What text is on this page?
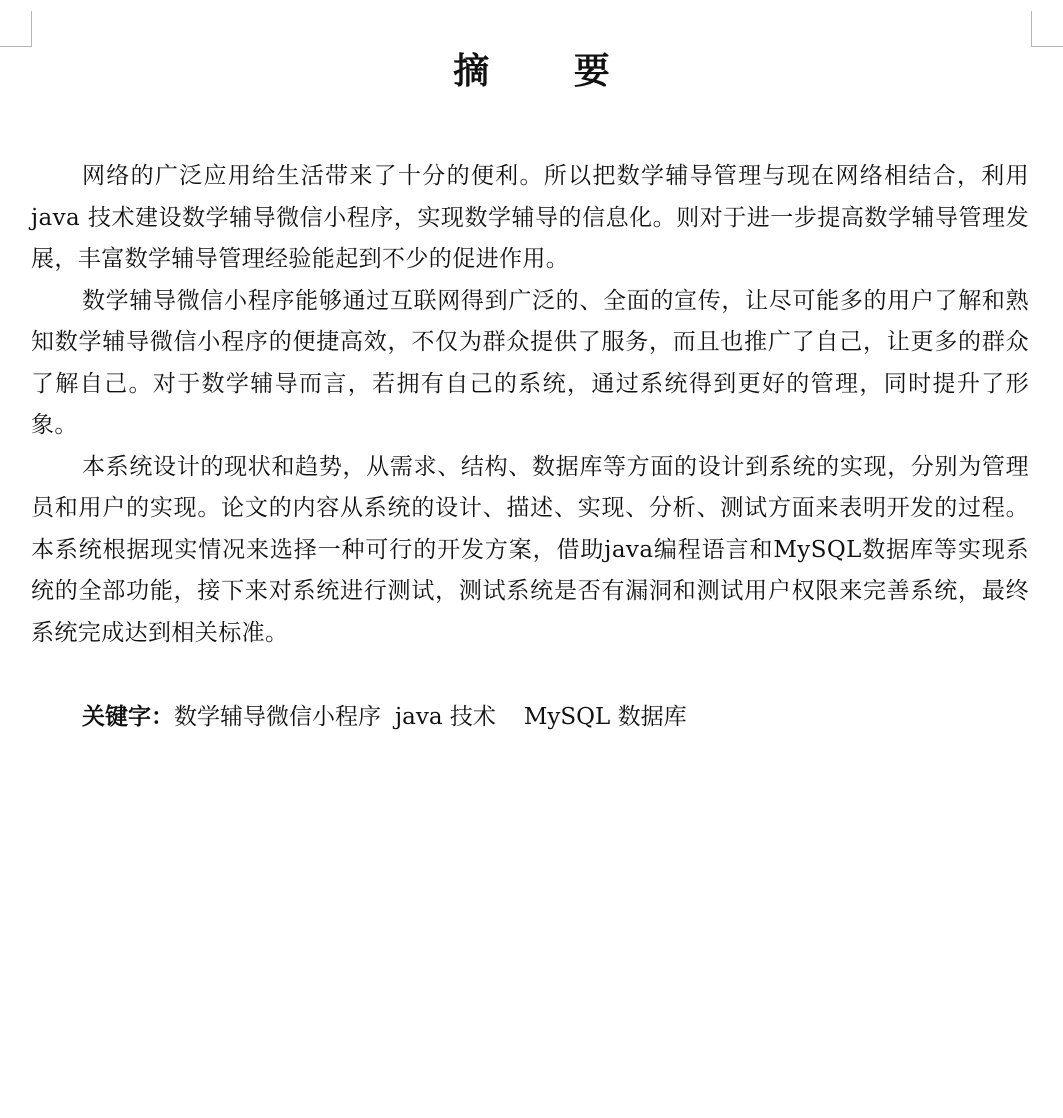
摘 要

网络的广泛应用给生活带来了十分的便利。所以把数学辅导管理与现在网络相结合，利用 java 技术建设数学辅导微信小程序，实现数学辅导的信息化。则对于进一步提高数学辅导管理发展，丰富数学辅导管理经验能起到不少的促进作用。

数学辅导微信小程序能够通过互联网得到广泛的、全面的宣传，让尽可能多的用户了解和熟知数学辅导微信小程序的便捷高效，不仅为群众提供了服务，而且也推广了自己，让更多的群众了解自己。对于数学辅导而言，若拥有自己的系统，通过系统得到更好的管理，同时提升了形象。

本系统设计的现状和趋势，从需求、结构、数据库等方面的设计到系统的实现，分别为管理员和用户的实现。论文的内容从系统的设计、描述、实现、分析、测试方面来表明开发的过程。本系统根据现实情况来选择一种可行的开发方案，借助java编程语言和MySQL数据库等实现系统的全部功能，接下来对系统进行测试，测试系统是否有漏洞和测试用户权限来完善系统，最终系统完成达到相关标准。

关键字：数学辅导微信小程序 java 技术 MySQL 数据库
